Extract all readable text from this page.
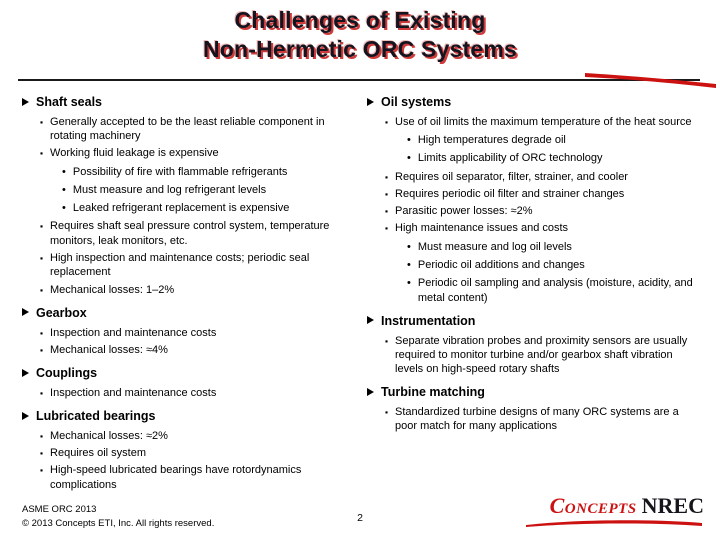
Challenges of Existing
Non-Hermetic ORC Systems
Shaft seals
▪ Generally accepted to be the least reliable component in rotating machinery
▪ Working fluid leakage is expensive
• Possibility of fire with flammable refrigerants
• Must measure and log refrigerant levels
• Leaked refrigerant replacement is expensive
▪ Requires shaft seal pressure control system, temperature monitors, leak monitors, etc.
▪ High inspection and maintenance costs; periodic seal replacement
▪ Mechanical losses: 1–2%
Gearbox
▪ Inspection and maintenance costs
▪ Mechanical losses: ≈4%
Couplings
▪ Inspection and maintenance costs
Lubricated bearings
▪ Mechanical losses: ≈2%
▪ Requires oil system
▪ High-speed lubricated bearings have rotordynamics complications
Oil systems
▪ Use of oil limits the maximum temperature of the heat source
• High temperatures degrade oil
• Limits applicability of ORC technology
▪ Requires oil separator, filter, strainer, and cooler
▪ Requires periodic oil filter and strainer changes
▪ Parasitic power losses: ≈2%
▪ High maintenance issues and costs
• Must measure and log oil levels
• Periodic oil additions and changes
• Periodic oil sampling and analysis (moisture, acidity, and metal content)
Instrumentation
▪ Separate vibration probes and proximity sensors are usually required to monitor turbine and/or gearbox shaft vibration levels on high-speed rotary shafts
Turbine matching
▪ Standardized turbine designs of many ORC systems are a poor match for many applications
ASME ORC 2013
© 2013 Concepts ETI, Inc. All rights reserved.	2	Concepts NREC
